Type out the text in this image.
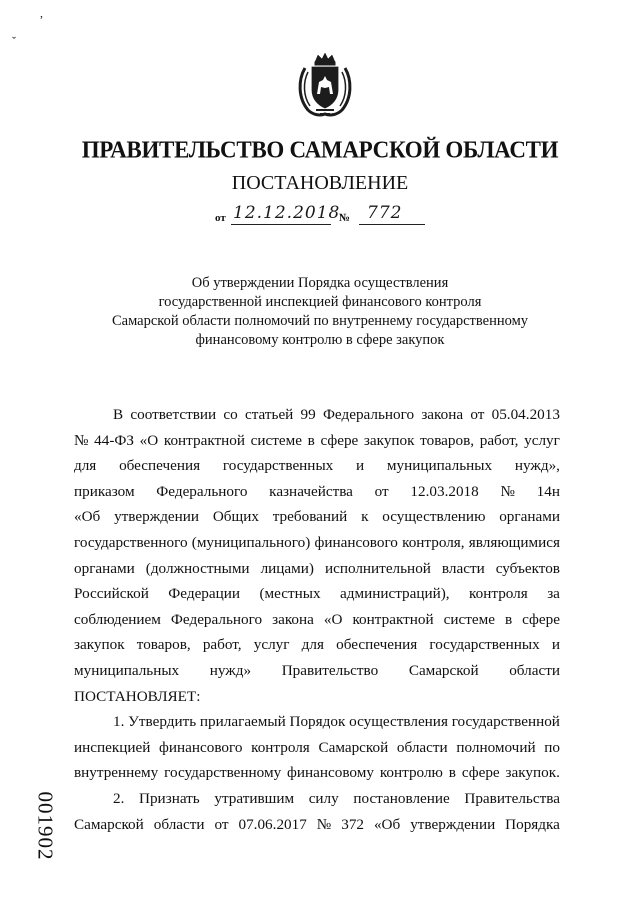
,
ˇ
ПРАВИТЕЛЬСТВО САМАРСКОЙ ОБЛАСТИ
ПОСТАНОВЛЕНИЕ
от 12.12.2018
№ 772
Об утверждении Порядка осуществления
государственной инспекцией финансового контроля
Самарской области полномочий по внутреннему государственному
финансовому контролю в сфере закупок
В соответствии со статьей 99 Федерального закона от 05.04.2013
№ 44-ФЗ «О контрактной системе в сфере закупок товаров, работ, услуг
для обеспечения государственных и муниципальных нужд»,
приказом Федерального казначейства от 12.03.2018 № 14н
«Об утверждении Общих требований к осуществлению органами
государственного (муниципального) финансового контроля, являющимися
органами (должностными лицами) исполнительной власти субъектов
Российской Федерации (местных администраций), контроля за
соблюдением Федерального закона «О контрактной системе в сфере
закупок товаров, работ, услуг для обеспечения государственных и
муниципальных нужд» Правительство Самарской области
ПОСТАНОВЛЯЕТ:
1. Утвердить прилагаемый Порядок осуществления государственной
инспекцией финансового контроля Самарской области полномочий по
внутреннему государственному финансовому контролю в сфере закупок.
2. Признать утратившим силу постановление Правительства
Самарской области от 07.06.2017 № 372 «Об утверждении Порядка
001902
